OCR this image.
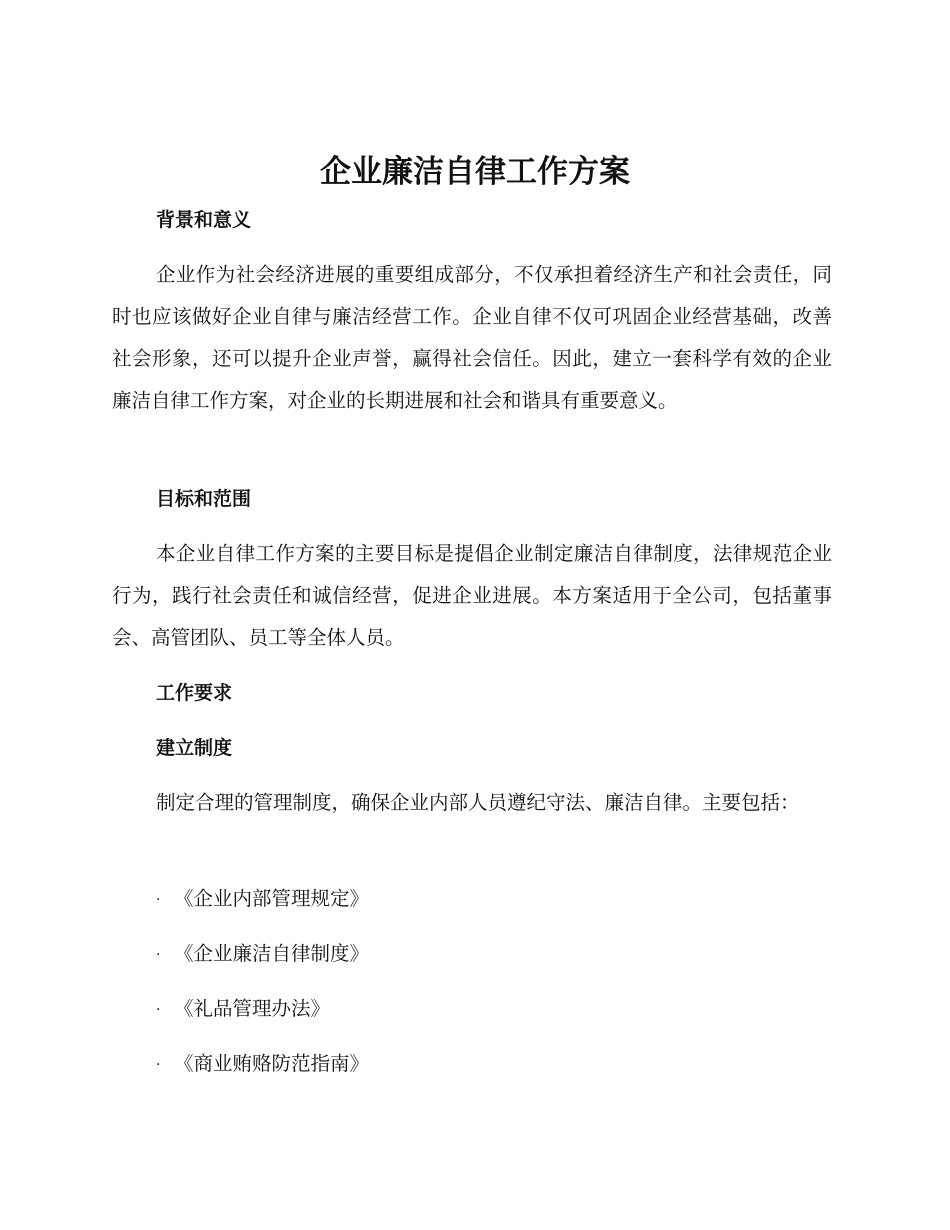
企业廉洁自律工作方案
背景和意义

企业作为社会经济进展的重要组成部分，不仅承担着经济生产和社会责任，同时也应该做好企业自律与廉洁经营工作。企业自律不仅可巩固企业经营基础，改善社会形象，还可以提升企业声誉，赢得社会信任。因此，建立一套科学有效的企业廉洁自律工作方案，对企业的长期进展和社会和谐具有重要意义。

目标和范围

本企业自律工作方案的主要目标是提倡企业制定廉洁自律制度，法律规范企业行为，践行社会责任和诚信经营，促进企业进展。本方案适用于全公司，包括董事会、高管团队、员工等全体人员。

工作要求
建立制度

制定合理的管理制度，确保企业内部人员遵纪守法、廉洁自律。主要包括：

· 《企业内部管理规定》

· 《企业廉洁自律制度》

· 《礼品管理办法》

· 《商业贿赂防范指南》
